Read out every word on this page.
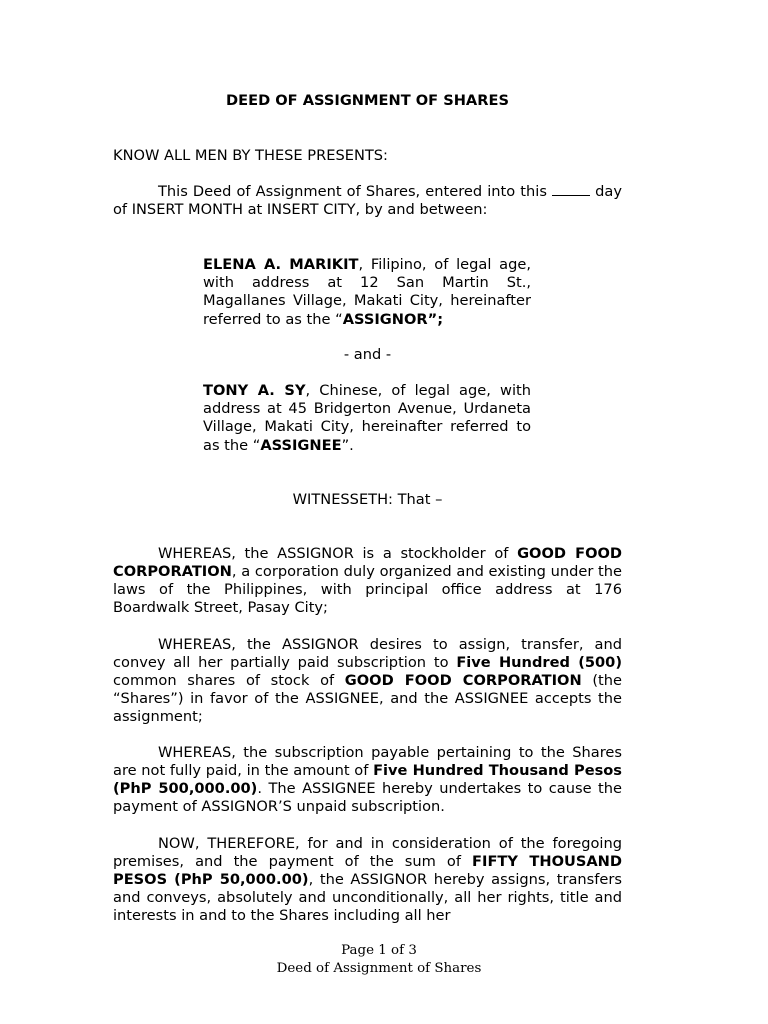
DEED OF ASSIGNMENT OF SHARES
KNOW ALL MEN BY THESE PRESENTS:
This Deed of Assignment of Shares, entered into this	day of INSERT MONTH at INSERT CITY, by and between:
ELENA A. MARIKIT, Filipino, of legal age, with address at 12 San Martin St., Magallanes Village, Makati City, hereinafter referred to as the “ASSIGNOR”;
- and -
TONY A. SY, Chinese, of legal age, with address at 45 Bridgerton Avenue, Urdaneta Village, Makati City, hereinafter referred to as the “ASSIGNEE”.
WITNESSETH: That –
WHEREAS, the ASSIGNOR is a stockholder of GOOD FOOD CORPORATION, a corporation duly organized and existing under the laws of the Philippines, with principal office address at 176 Boardwalk Street, Pasay City;
WHEREAS, the ASSIGNOR desires to assign, transfer, and convey all her partially paid subscription to Five Hundred (500) common shares of stock of GOOD FOOD CORPORATION (the “Shares”) in favor of the ASSIGNEE, and the ASSIGNEE accepts the assignment;
WHEREAS, the subscription payable pertaining to the Shares are not fully paid, in the amount of Five Hundred Thousand Pesos (PhP 500,000.00). The ASSIGNEE hereby undertakes to cause the payment of ASSIGNOR’S unpaid subscription.
NOW, THEREFORE, for and in consideration of the foregoing premises, and the payment of the sum of FIFTY THOUSAND PESOS (PhP 50,000.00), the ASSIGNOR hereby assigns, transfers and conveys, absolutely and unconditionally, all her rights, title and interests in and to the Shares including all her
Page 1 of 3
Deed of Assignment of Shares
